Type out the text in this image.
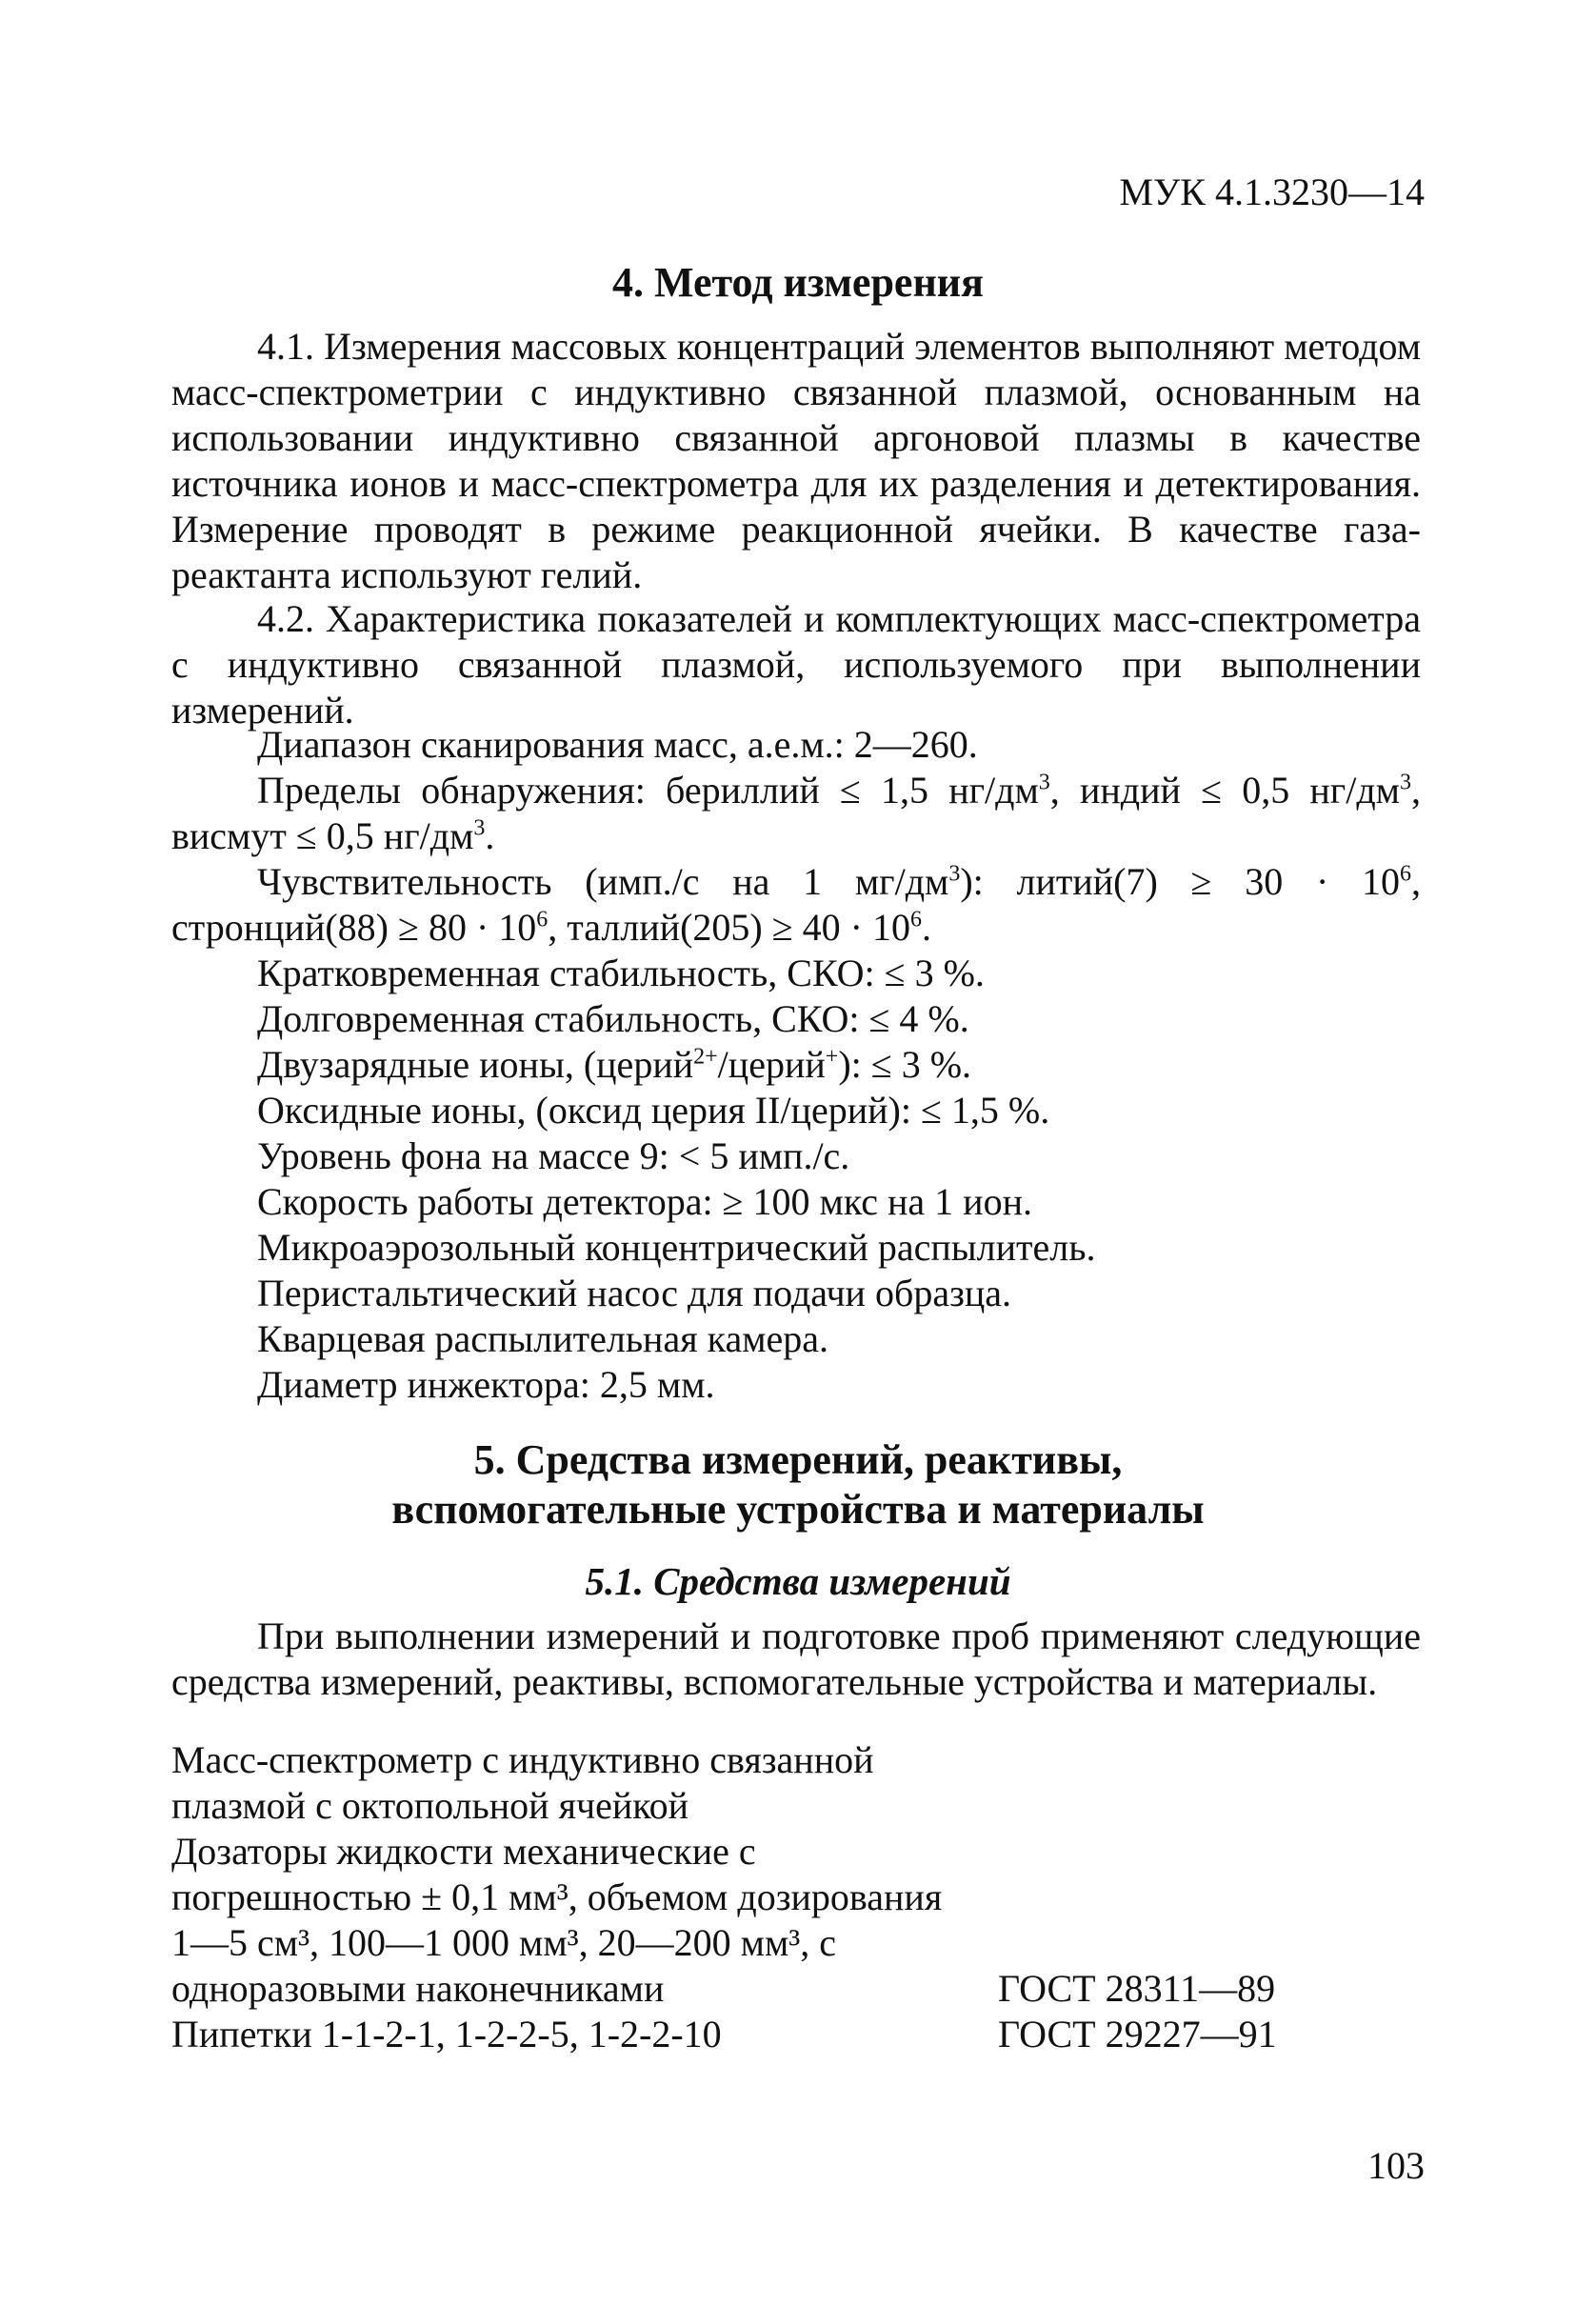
МУК 4.1.3230—14
4. Метод измерения
4.1. Измерения массовых концентраций элементов выполняют методом масс-спектрометрии с индуктивно связанной плазмой, основанным на использовании индуктивно связанной аргоновой плазмы в качестве источника ионов и масс-спектрометра для их разделения и детектирования. Измерение проводят в режиме реакционной ячейки. В качестве газа-реактанта используют гелий.
4.2. Характеристика показателей и комплектующих масс-спектрометра с индуктивно связанной плазмой, используемого при выполнении измерений.

Диапазон сканирования масс, а.е.м.: 2—260.

Пределы обнаружения: бериллий ≤ 1,5 $нг/дм^3$, индий ≤ 0,5 $нг/дм^3$, висмут ≤ 0,5 $нг/дм^3$.

Чувствительность (имп./с на 1 $мг/дм^3$): литий(7) ≥ $30 \cdot 10^6$, стронций(88) ≥ $80 \cdot 10^6$, таллий(205) ≥ $40 \cdot 10^6$.

Кратковременная стабильность, СКО: ≤ 3 %.

Долговременная стабильность, СКО: ≤ 4 %.

Двузарядные ионы, (церий$^{2+}$/церий+): ≤ 3 %.

Оксидные ионы, (оксид церия II/церий): ≤ 1,5 %.

Уровень фона на массе 9: < 5 имп./с.

Скорость работы детектора: ≥ 100 мкс на 1 ион.

Микроаэрозольный концентрический распылитель.

Перистальтический насос для подачи образца.

Кварцевая распылительная камера.

Диаметр инжектора: 2,5 мм.

5. Средства измерений, реактивы,
вспомогательные устройства и материалы
5.1. Средства измерений
При выполнении измерений и подготовке проб применяют следующие средства измерений, реактивы, вспомогательные устройства и материалы.
Масс-спектрометр с индуктивно связанной плазмой с октопольной ячейкой
Дозаторы жидкости механические с погрешностью ± 0,1 мм³, объемом дозирования 1—5 см³, 100—1 000 мм³, 20—200 мм³, с одноразовыми наконечниками	ГОСТ 28311—89
Пипетки 1-1-2-1, 1-2-2-5, 1-2-2-10	ГОСТ 29227—91
103
